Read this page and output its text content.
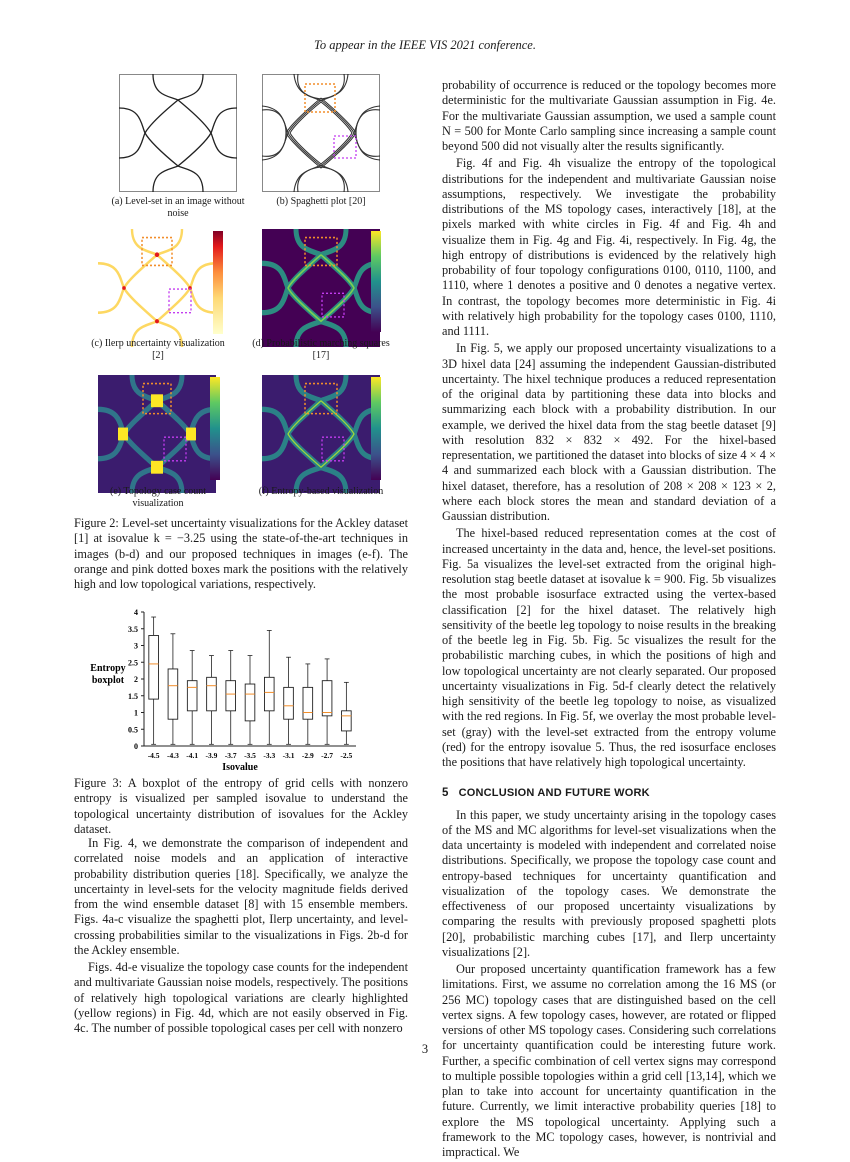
To appear in the IEEE VIS 2021 conference.
(a) Level-set in an image without noise
(b) Spaghetti plot [20]
(c) Ilerp uncertainty visualization [2]
(d) Probabilistic marching squares [17]
(e) Topology case count visualization
(f) Entropy-based visualization
Figure 2: Level-set uncertainty visualizations for the Ackley dataset [1] at isovalue k = −3.25 using the state-of-the-art techniques in images (b-d) and our proposed techniques in images (e-f). The orange and pink dotted boxes mark the positions with the relatively high and low topological variations, respectively.
0
0.5
1
1.5
2
2.5
3
3.5
4
Entropy
boxplot
-4.5 -4.3 -4.1 -3.9 -3.7 -3.5 -3.3 -3.1 -2.9 -2.7 -2.5
Isovalue
Figure 3: A boxplot of the entropy of grid cells with nonzero entropy is visualized per sampled isovalue to understand the topological uncertainty distribution of isovalues for the Ackley dataset.

In Fig. 4, we demonstrate the comparison of independent and correlated noise models and an application of interactive probability distribution queries [18]. Specifically, we analyze the uncertainty in level-sets for the velocity magnitude fields derived from the wind ensemble dataset [8] with 15 ensemble members. Figs. 4a-c visualize the spaghetti plot, Ilerp uncertainty, and level-crossing probabilities similar to the visualizations in Figs. 2b-d for the Ackley ensemble.

Figs. 4d-e visualize the topology case counts for the independent and multivariate Gaussian noise models, respectively. The positions of relatively high topological variations are clearly highlighted (yellow regions) in Fig. 4d, which are not easily observed in Fig. 4c. The number of possible topological cases per cell with nonzero

probability of occurrence is reduced or the topology becomes more deterministic for the multivariate Gaussian assumption in Fig. 4e. For the multivariate Gaussian assumption, we used a sample count N = 500 for Monte Carlo sampling since increasing a sample count beyond 500 did not visually alter the results significantly.

Fig. 4f and Fig. 4h visualize the entropy of the topological distributions for the independent and multivariate Gaussian noise assumptions, respectively. We investigate the probability distributions of the MS topology cases, interactively [18], at the pixels marked with white circles in Fig. 4f and Fig. 4h and visualize them in Fig. 4g and Fig. 4i, respectively. In Fig. 4g, the high entropy of distributions is evidenced by the relatively high probability of four topology configurations 0100, 0110, 1100, and 1110, where 1 denotes a positive and 0 denotes a negative vertex. In contrast, the topology becomes more deterministic in Fig. 4i with relatively high probability for the topology cases 0100, 1110, and 1111.

In Fig. 5, we apply our proposed uncertainty visualizations to a 3D hixel data [24] assuming the independent Gaussian-distributed uncertainty. The hixel technique produces a reduced representation of the original data by partitioning these data into blocks and summarizing each block with a probability distribution. In our example, we derived the hixel data from the stag beetle dataset [9] with resolution 832 × 832 × 492. For the hixel-based representation, we partitioned the dataset into blocks of size 4 × 4 × 4 and summarized each block with a Gaussian distribution. The hixel dataset, therefore, has a resolution of 208 × 208 × 123 × 2, where each block stores the mean and standard deviation of a Gaussian distribution.

The hixel-based reduced representation comes at the cost of increased uncertainty in the data and, hence, the level-set positions. Fig. 5a visualizes the level-set extracted from the original high-resolution stag beetle dataset at isovalue k = 900. Fig. 5b visualizes the most probable isosurface extracted using the vertex-based classification [2] for the hixel dataset. The relatively high sensitivity of the beetle leg topology to noise results in the breaking of the beetle leg in Fig. 5b. Fig. 5c visualizes the result for the probabilistic marching cubes, in which the positions of high and low topological uncertainty are not clearly separated. Our proposed uncertainty visualizations in Fig. 5d-f clearly detect the relatively high sensitivity of the beetle leg topology to noise, as visualized with the red regions. In Fig. 5f, we overlay the most probable level-set (gray) with the level-set extracted from the entropy volume (red) for the entropy isovalue 5. Thus, the red isosurface encloses the positions that have relatively high topological uncertainty.

5 CONCLUSION AND FUTURE WORK

In this paper, we study uncertainty arising in the topology cases of the MS and MC algorithms for level-set visualizations when the data uncertainty is modeled with independent and correlated noise distributions. Specifically, we propose the topology case count and entropy-based techniques for uncertainty quantification and visualization of the topology cases. We demonstrate the effectiveness of our proposed uncertainty visualizations by comparing the results with previously proposed spaghetti plots [20], probabilistic marching cubes [17], and Ilerp uncertainty visualizations [2].

Our proposed uncertainty quantification framework has a few limitations. First, we assume no correlation among the 16 MS (or 256 MC) topology cases that are distinguished based on the cell vertex signs. A few topology cases, however, are rotated or flipped versions of other MS topology cases. Considering such correlations for uncertainty quantification could be interesting future work. Further, a specific combination of cell vertex signs may correspond to multiple possible topologies within a grid cell [13,14], which we plan to take into account for uncertainty quantification in the future. Currently, we limit interactive probability queries [18] to explore the MS topological uncertainty. Applying such a framework to the MC topology cases, however, is nontrivial and impractical. We

3
